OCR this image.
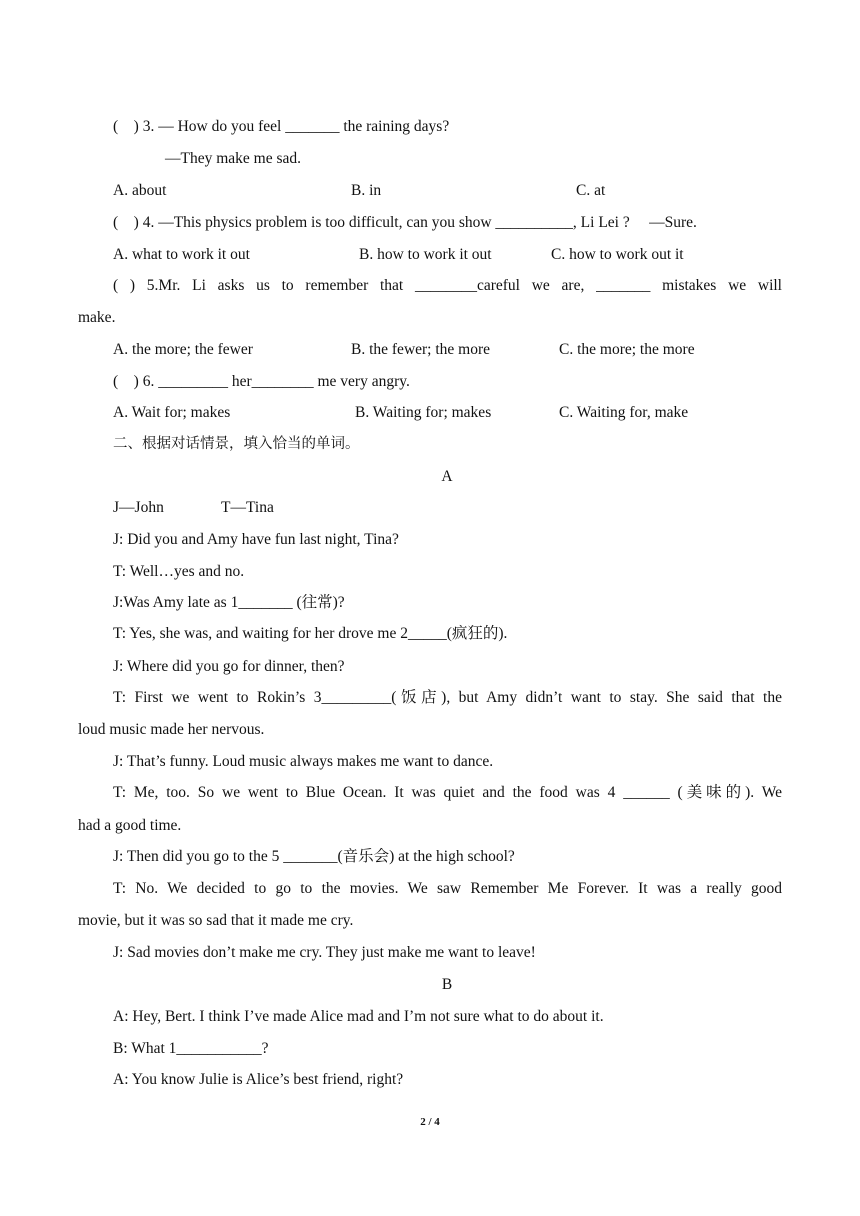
(    ) 3. — How do you feel _______ the raining days?
—They make me sad.
A. about	B. in	C. at
(    ) 4. —This physics problem is too difficult, can you show __________, Li Lei ?     —Sure.
A. what to work it out	B. how to work it out	C. how to work out it
( ) 5.Mr. Li asks us to remember that ________careful we are, _______ mistakes we will
make.
A. the more; the fewer	B. the fewer; the more	C. the more; the more
(    ) 6. _________ her________ me very angry.
A. Wait for; makes	B. Waiting for; makes	C. Waiting for, make
二、根据对话情景，填入恰当的单词。
A
J—John	T—Tina
J: Did you and Amy have fun last night, Tina?
T: Well…yes and no.
J:Was Amy late as 1_______ (往常)?
T: Yes, she was, and waiting for her drove me 2_____(疯狂的).
J: Where did you go for dinner, then?
T: First we went to Rokin’s 3_________(饭店), but Amy didn’t want to stay. She said that the
loud music made her nervous.
J: That’s funny. Loud music always makes me want to dance.
T: Me, too. So we went to Blue Ocean. It was quiet and the food was 4 ______ (美味的). We
had a good time.
J: Then did you go to the 5 _______(音乐会) at the high school?
T: No. We decided to go to the movies. We saw Remember Me Forever. It was a really good
movie, but it was so sad that it made me cry.
J: Sad movies don’t make me cry. They just make me want to leave!
B
A: Hey, Bert. I think I’ve made Alice mad and I’m not sure what to do about it.
B: What 1___________?
A: You know Julie is Alice’s best friend, right?
2 / 4
